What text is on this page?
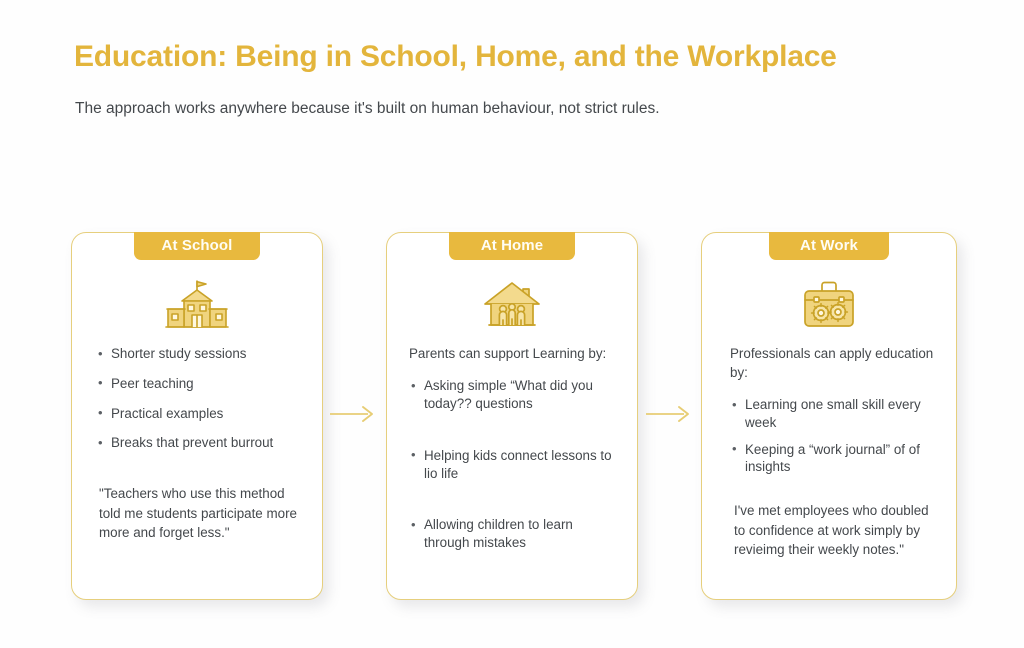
Education: Being in School, Home, and the Workplace
The approach works anywhere because it's built on human behaviour, not strict rules.
At School
• Shorter study sessions
• Peer teaching
• Practical examples
• Breaks that prevent burrout
"Teachers who use this method told me students participate more more and forget less."
At Home
Parents can support Learning by:
• Asking simple “What did you today?? questions
• Helping kids connect lessons to lio life
• Allowing children to learn through mistakes
At Work
Professionals can apply education by:
• Learning one small skill every week
• Keeping a “work journal” of of insights
I've met employees who doubled to confidence at work simply by revieimg their weekly notes."
